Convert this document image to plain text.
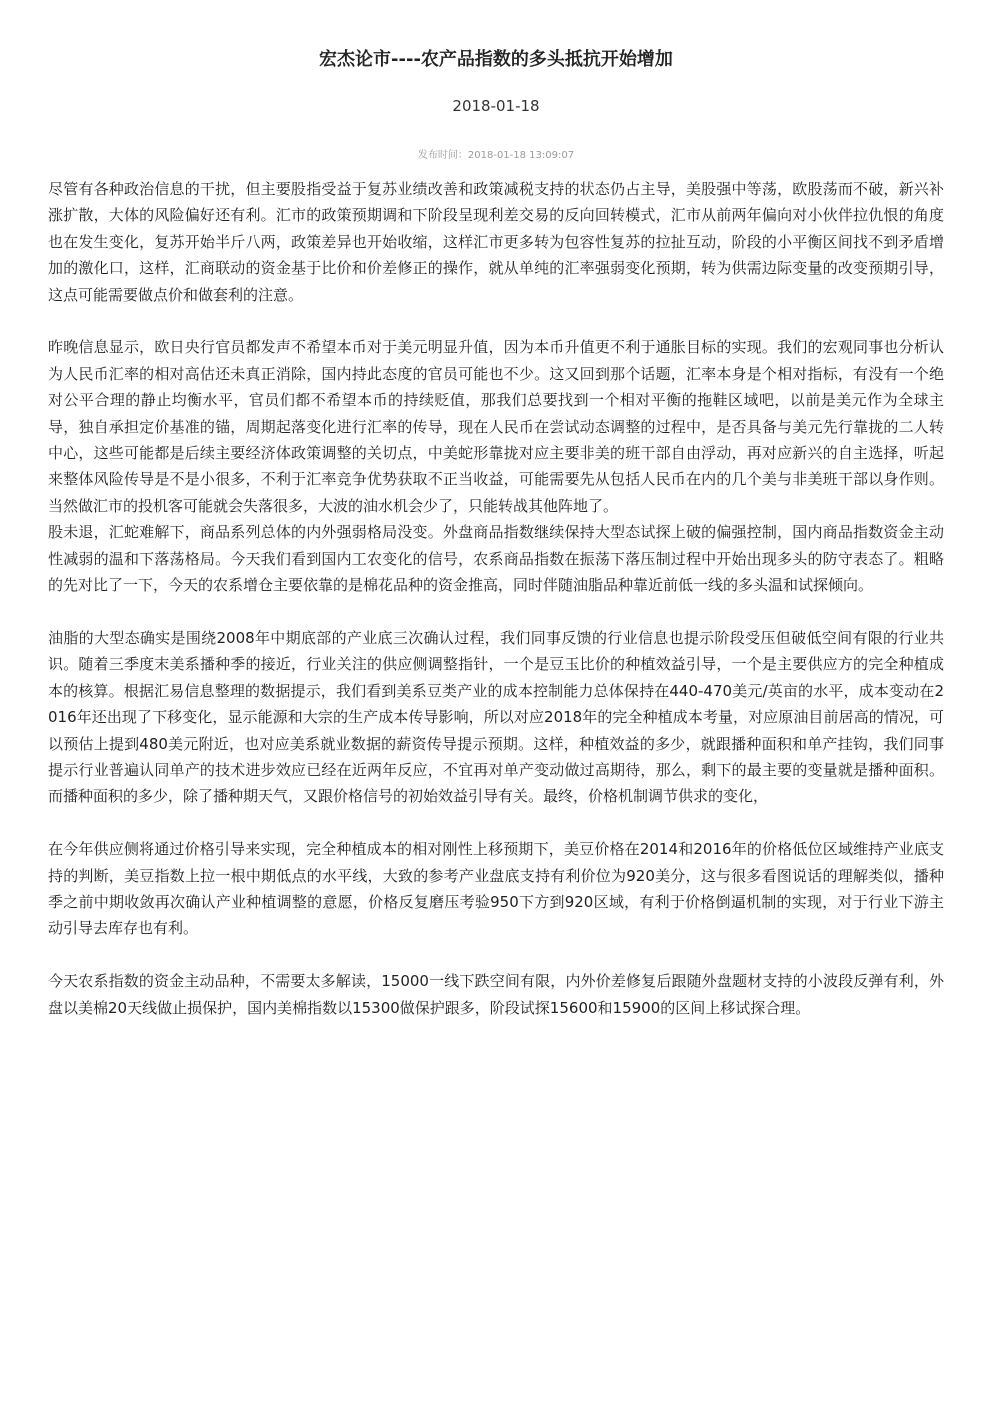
宏杰论市----农产品指数的多头抵抗开始增加
2018-01-18
发布时间：2018-01-18 13:09:07

尽管有各种政治信息的干扰，但主要股指受益于复苏业绩改善和政策减税支持的状态仍占主导，美股强中等荡，欧股荡而不破，新兴补涨扩散，大体的风险偏好还有利。汇市的政策预期调和下阶段呈现利差交易的反向回转模式，汇市从前两年偏向对小伙伴拉仇恨的角度也在发生变化，复苏开始半斤八两，政策差异也开始收缩，这样汇市更多转为包容性复苏的拉扯互动，阶段的小平衡区间找不到矛盾增加的激化口，这样，汇商联动的资金基于比价和价差修正的操作，就从单纯的汇率强弱变化预期，转为供需边际变量的改变预期引导，这点可能需要做点价和做套利的注意。

昨晚信息显示，欧日央行官员都发声不希望本币对于美元明显升值，因为本币升值更不利于通胀目标的实现。我们的宏观同事也分析认为人民币汇率的相对高估还未真正消除，国内持此态度的官员可能也不少。这又回到那个话题，汇率本身是个相对指标，有没有一个绝对公平合理的静止均衡水平，官员们都不希望本币的持续贬值，那我们总要找到一个相对平衡的拖鞋区域吧，以前是美元作为全球主导，独自承担定价基准的锚，周期起落变化进行汇率的传导，现在人民币在尝试动态调整的过程中，是否具备与美元先行靠拢的二人转中心，这些可能都是后续主要经济体政策调整的关切点，中美蛇形靠拢对应主要非美的班干部自由浮动，再对应新兴的自主选择，听起来整体风险传导是不是小很多，不利于汇率竞争优势获取不正当收益，可能需要先从包括人民币在内的几个美与非美班干部以身作则。当然做汇市的投机客可能就会失落很多，大波的油水机会少了，只能转战其他阵地了。

股未退，汇蛇难解下，商品系列总体的内外强弱格局没变。外盘商品指数继续保持大型态试探上破的偏强控制，国内商品指数资金主动性减弱的温和下落荡格局。今天我们看到国内工农变化的信号，农系商品指数在振荡下落压制过程中开始出现多头的防守表态了。粗略的先对比了一下，今天的农系增仓主要依靠的是棉花品种的资金推高，同时伴随油脂品种靠近前低一线的多头温和试探倾向。

油脂的大型态确实是围绕2008年中期底部的产业底三次确认过程，我们同事反馈的行业信息也提示阶段受压但破低空间有限的行业共识。随着三季度末美系播种季的接近，行业关注的供应侧调整指针，一个是豆玉比价的种植效益引导，一个是主要供应方的完全种植成本的核算。根据汇易信息整理的数据提示，我们看到美系豆类产业的成本控制能力总体保持在440-470美元/英亩的水平，成本变动在2016年还出现了下移变化，显示能源和大宗的生产成本传导影响，所以对应2018年的完全种植成本考量，对应原油目前居高的情况，可以预估上提到480美元附近，也对应美系就业数据的薪资传导提示预期。这样，种植效益的多少，就跟播种面积和单产挂钩，我们同事提示行业普遍认同单产的技术进步效应已经在近两年反应，不宜再对单产变动做过高期待，那么，剩下的最主要的变量就是播种面积。而播种面积的多少，除了播种期天气，又跟价格信号的初始效益引导有关。最终，价格机制调节供求的变化，

在今年供应侧将通过价格引导来实现，完全种植成本的相对刚性上移预期下，美豆价格在2014和2016年的价格低位区域维持产业底支持的判断，美豆指数上拉一根中期低点的水平线，大致的参考产业盘底支持有利价位为920美分，这与很多看图说话的理解类似，播种季之前中期收敛再次确认产业种植调整的意愿，价格反复磨压考验950下方到920区域，有利于价格倒逼机制的实现，对于行业下游主动引导去库存也有利。

今天农系指数的资金主动品种，不需要太多解读，15000一线下跌空间有限，内外价差修复后跟随外盘题材支持的小波段反弹有利，外盘以美棉20天线做止损保护，国内美棉指数以15300做保护跟多，阶段试探15600和15900的区间上移试探合理。
